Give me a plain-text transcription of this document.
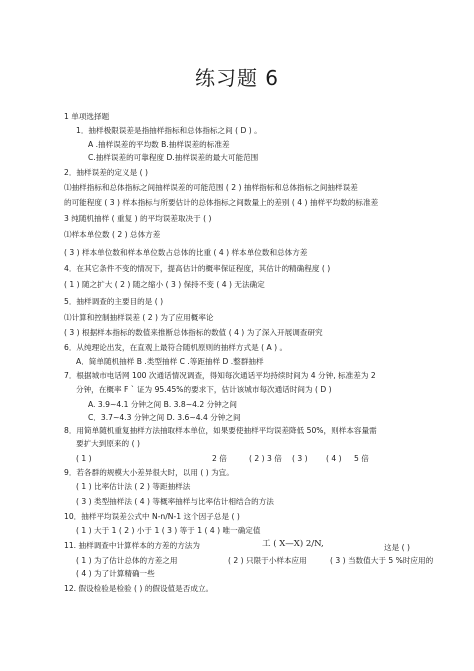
练习题 6
1 单项选择题
1．抽样极限误差是指抽样指标和总体指标之间 ( D ) 。
A .抽样误差的平均数 B.抽样误差的标准差
C.抽样误差的可靠程度 D.抽样误差的最大可能范围
2．抽样误差的定义是 ( )
⑴抽样指标和总体指标之间抽样误差的可能范围 ( 2 ) 抽样指标和总体指标之间抽样误差
的可能程度 ( 3 ) 样本指标与所要估计的总体指标之间数量上的差别 ( 4 ) 抽样平均数的标准差
3 纯随机抽样 ( 重复 ) 的平均误差取决于 ( )
⑴样本单位数 ( 2 ) 总体方差
( 3 ) 样本单位数和样本单位数占总体的比重 ( 4 ) 样本单位数和总体方差
4．在其它条件不变的情况下，提高估计的概率保证程度，其估计的精确程度 ( )
( 1 ) 随之扩大 ( 2 ) 随之缩小 ( 3 ) 保持不变 ( 4 ) 无法确定
5．抽样调查的主要目的是 ( )
⑴计算和控制抽样误差 ( 2 ) 为了应用概率论
( 3 ) 根据样本指标的数值来推断总体指标的数值 ( 4 ) 为了深入开展调查研究
6．从纯理论出发，在直观上最符合随机原则的抽样方式是 ( A ) 。
A．简单随机抽样 B .类型抽样 C .等距抽样 D .整群抽样
7．根据城市电话网 100 次通话情况调查，得知每次通话平均持续时间为 4 分钟, 标准差为 2
分钟，在概率 F ` 证为 95.45%的要求下，估计该城市每次通话时间为 ( D )
A. 3.9~4.1 分钟之间 B. 3.8~4.2 分钟之间
C．3.7~4.3 分钟之间 D. 3.6~4.4 分钟之间
8．用简单随机重复抽样方法抽取样本单位，如果要使抽样平均误差降低 50%，则样本容量需
要扩大到原来的 ( )
( 1 )	2 倍	( 2 ) 3 倍 ( 3 ) ( 4 ) 5 倍
9．若各群的规模大小差异很大时，以用 ( ) 为宜。
( 1 ) 比率估计法 ( 2 ) 等距抽样法
( 3 ) 类型抽样法 ( 4 ) 等概率抽样与比率估计相结合的方法
10．抽样平均误差公式中 N-n/N-1 这个因子总是 ( )
( 1 ) 大于 1 ( 2 ) 小于 1 ( 3 ) 等于 1 ( 4 ) 唯一确定值
11. 抽样调查中计算样本的方差的方法为	工 ( X—X) 2/N,	这是 ( )
( 1 ) 为了估计总体的方差之用	( 2 ) 只限于小样本应用	( 3 ) 当数值大于 5 %时应用的
( 4 ) 为了计算精确一些
12. 假设检验是检验 ( ) 的假设值是否成立。
